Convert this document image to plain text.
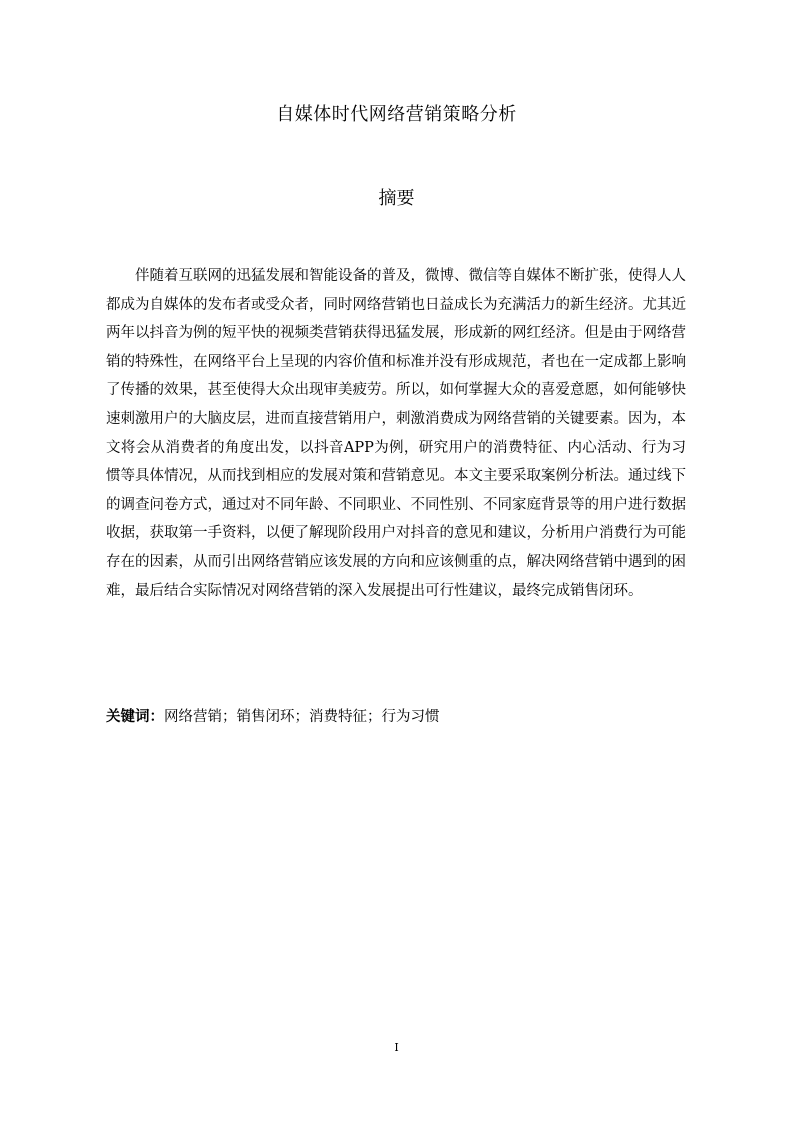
自媒体时代网络营销策略分析
摘要

伴随着互联网的迅猛发展和智能设备的普及，微博、微信等自媒体不断扩张，使得人人都成为自媒体的发布者或受众者，同时网络营销也日益成长为充满活力的新生经济。尤其近两年以抖音为例的短平快的视频类营销获得迅猛发展，形成新的网红经济。但是由于网络营销的特殊性，在网络平台上呈现的内容价值和标准并没有形成规范，者也在一定成都上影响了传播的效果，甚至使得大众出现审美疲劳。所以，如何掌握大众的喜爱意愿，如何能够快速刺激用户的大脑皮层，进而直接营销用户，刺激消费成为网络营销的关键要素。因为，本文将会从消费者的角度出发，以抖音APP为例，研究用户的消费特征、内心活动、行为习惯等具体情况，从而找到相应的发展对策和营销意见。本文主要采取案例分析法。通过线下的调查问卷方式，通过对不同年龄、不同职业、不同性别、不同家庭背景等的用户进行数据收据，获取第一手资料，以便了解现阶段用户对抖音的意见和建议，分析用户消费行为可能存在的因素，从而引出网络营销应该发展的方向和应该侧重的点，解决网络营销中遇到的困难，最后结合实际情况对网络营销的深入发展提出可行性建议，最终完成销售闭环。

关键词：网络营销；销售闭环；消费特征；行为习惯
I
